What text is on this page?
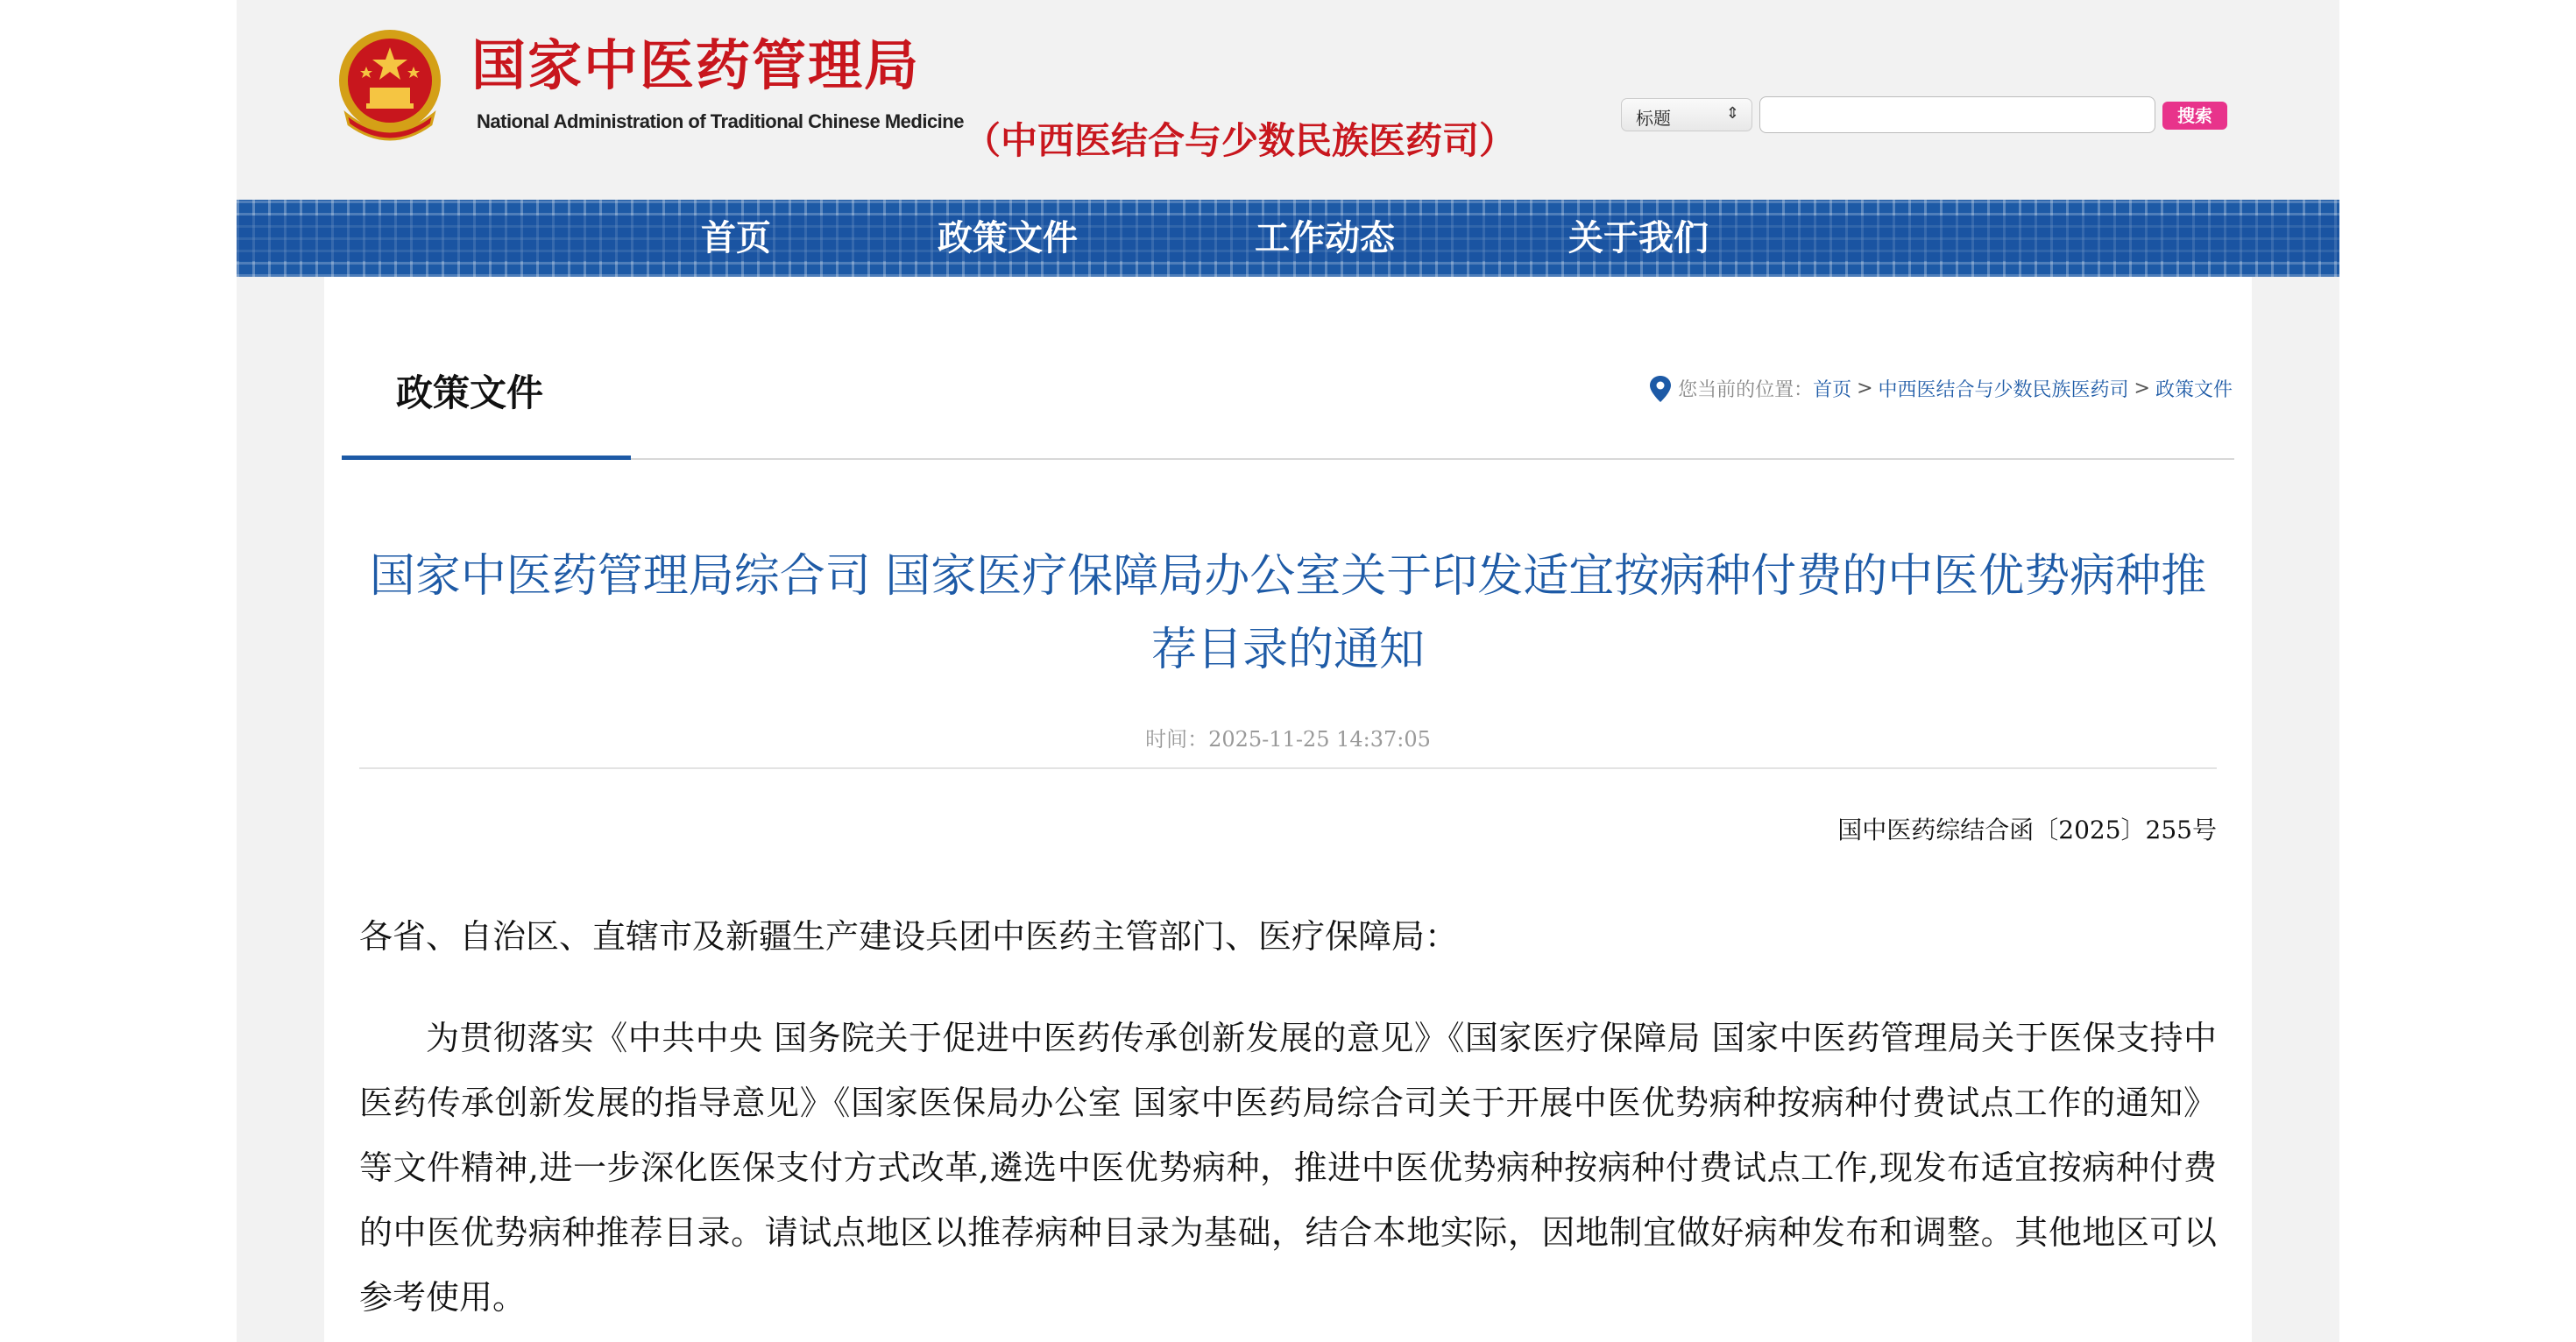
国家中医药管理局
National Administration of Traditional Chinese Medicine （中西医结合与少数民族医药司）
标题	⇕	搜索
首页	政策文件	工作动态	关于我们
政策文件	您当前的位置： 首页 > 中西医结合与少数民族医药司 > 政策文件
国家中医药管理局综合司 国家医疗保障局办公室关于印发适宜按病种付费的中医优势病种推荐目录的通知
时间：2025-11-25 14:37:05
国中医药综结合函〔2025〕255号
各省、自治区、直辖市及新疆生产建设兵团中医药主管部门、医疗保障局：
为贯彻落实《中共中央 国务院关于促进中医药传承创新发展的意见》《国家医疗保障局 国家中医药管理局关于医保支持中医药传承创新发展的指导意见》《国家医保局办公室 国家中医药局综合司关于开展中医优势病种按病种付费试点工作的通知》等文件精神,进一步深化医保支付方式改革,遴选中医优势病种，推进中医优势病种按病种付费试点工作,现发布适宜按病种付费的中医优势病种推荐目录。请试点地区以推荐病种目录为基础，结合本地实际，因地制宜做好病种发布和调整。其他地区可以参考使用。
